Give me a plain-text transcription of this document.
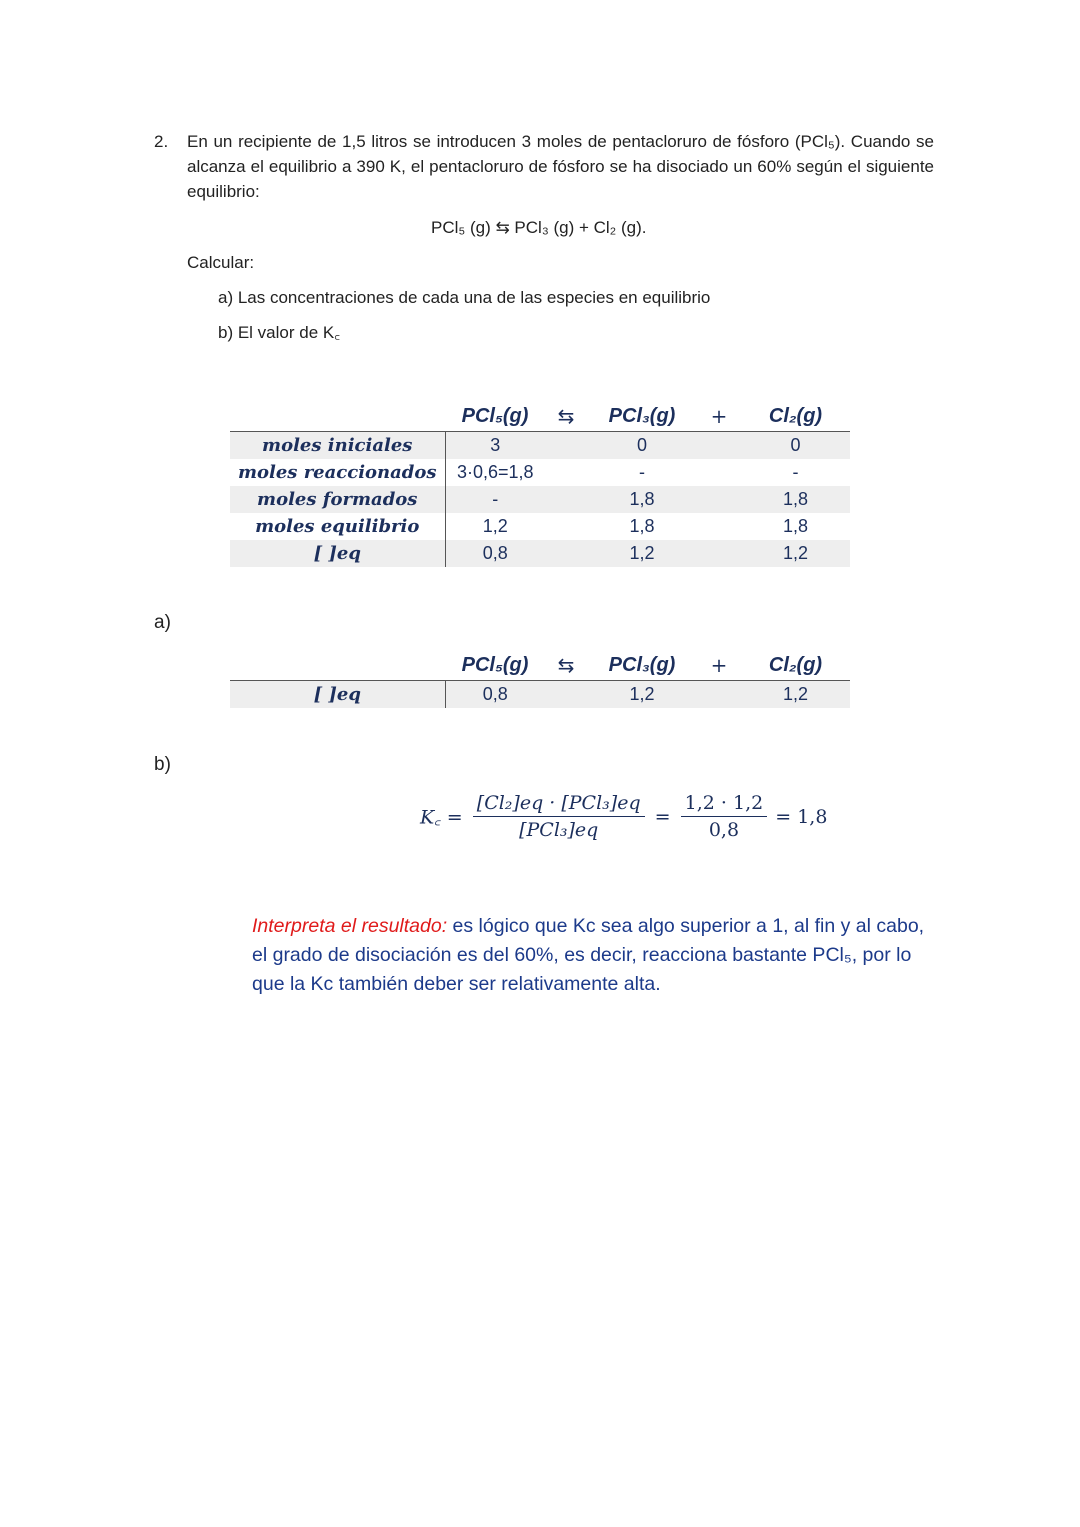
2. En un recipiente de 1,5 litros se introducen 3 moles de pentacloruro de fósforo (PCl₅). Cuando se alcanza el equilibrio a 390 K, el pentacloruro de fósforo se ha disociado un 60% según el siguiente equilibrio:
PCl₅ (g) ⇆ PCl₃ (g) + Cl₂ (g).
Calcular:
a) Las concentraciones de cada una de las especies en equilibrio
b) El valor de K꜀
	PCl₅(g)	⇆	PCl₃(g)	+	Cl₂(g)
moles iniciales	3		0		0
moles reaccionados	3·0,6=1,8		-		-
moles formados	-		1,8		1,8
moles equilibrio	1,2		1,8		1,8
[ ]eq	0,8		1,2		1,2
a)
	PCl₅(g)	⇆	PCl₃(g)	+	Cl₂(g)
[ ]eq	0,8		1,2		1,2
b)
K꜀ = $\frac{\text{[Cl₂]eq · [PCl₃]eq}}{\text{[PCl₃]eq}} = \frac{1,2 \cdot 1,2}{0,8} = 1,8$
Interpreta el resultado: es lógico que Kc sea algo superior a 1, al fin y al cabo, el grado de disociación es del 60%, es decir, reacciona bastante PCl₅, por lo que la Kc también deber ser relativamente alta.
